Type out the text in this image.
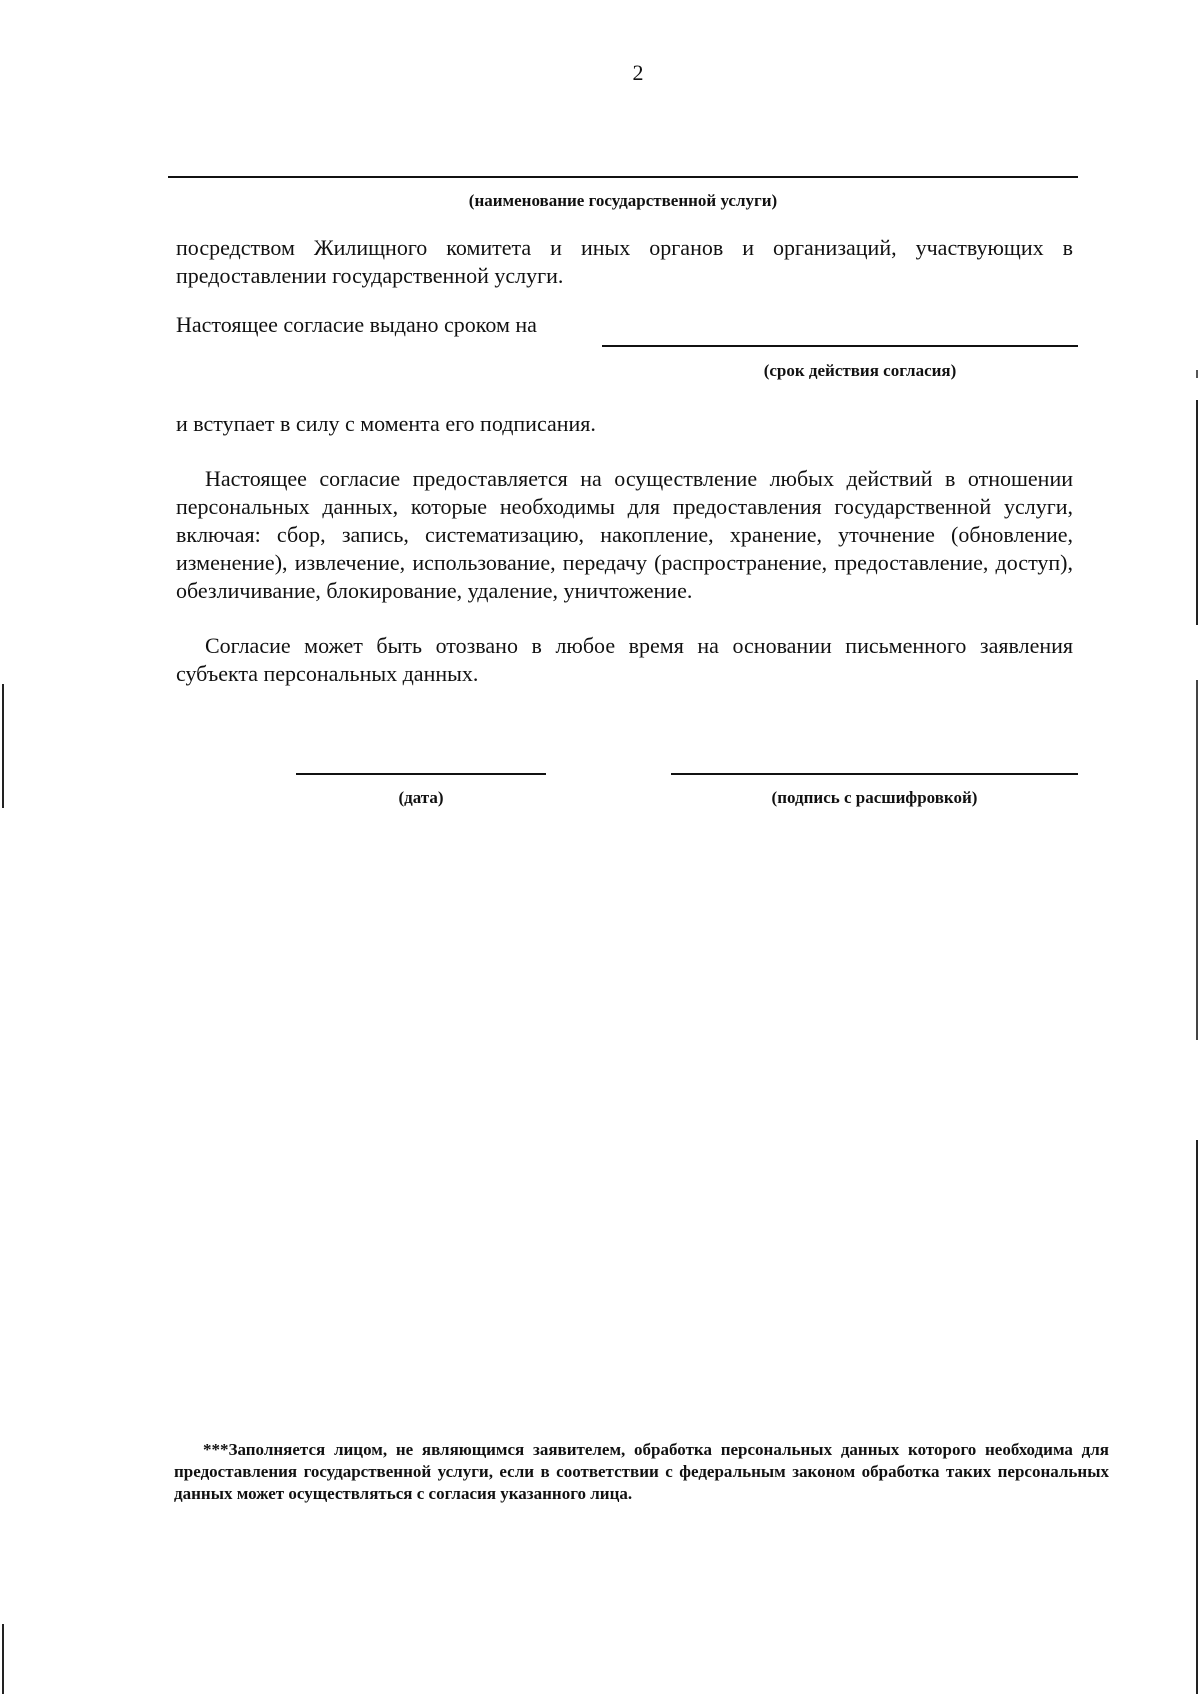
2
(наименование государственной услуги)
посредством Жилищного комитета и иных органов и организаций, участвующих в предоставлении государственной услуги.
Настоящее согласие выдано сроком на
(срок действия согласия)
и вступает в силу с момента его подписания.
Настоящее согласие предоставляется на осуществление любых действий в отношении персональных данных, которые необходимы для предоставления государственной услуги, включая: сбор, запись, систематизацию, накопление, хранение, уточнение (обновление, изменение), извлечение, использование, передачу (распространение, предоставление, доступ), обезличивание, блокирование, удаление, уничтожение.
Согласие может быть отозвано в любое время на основании письменного заявления субъекта персональных данных.
(дата)	(подпись с расшифровкой)
***Заполняется лицом, не являющимся заявителем, обработка персональных данных которого необходима для предоставления государственной услуги, если в соответствии с федеральным законом обработка таких персональных данных может осуществляться с согласия указанного лица.
